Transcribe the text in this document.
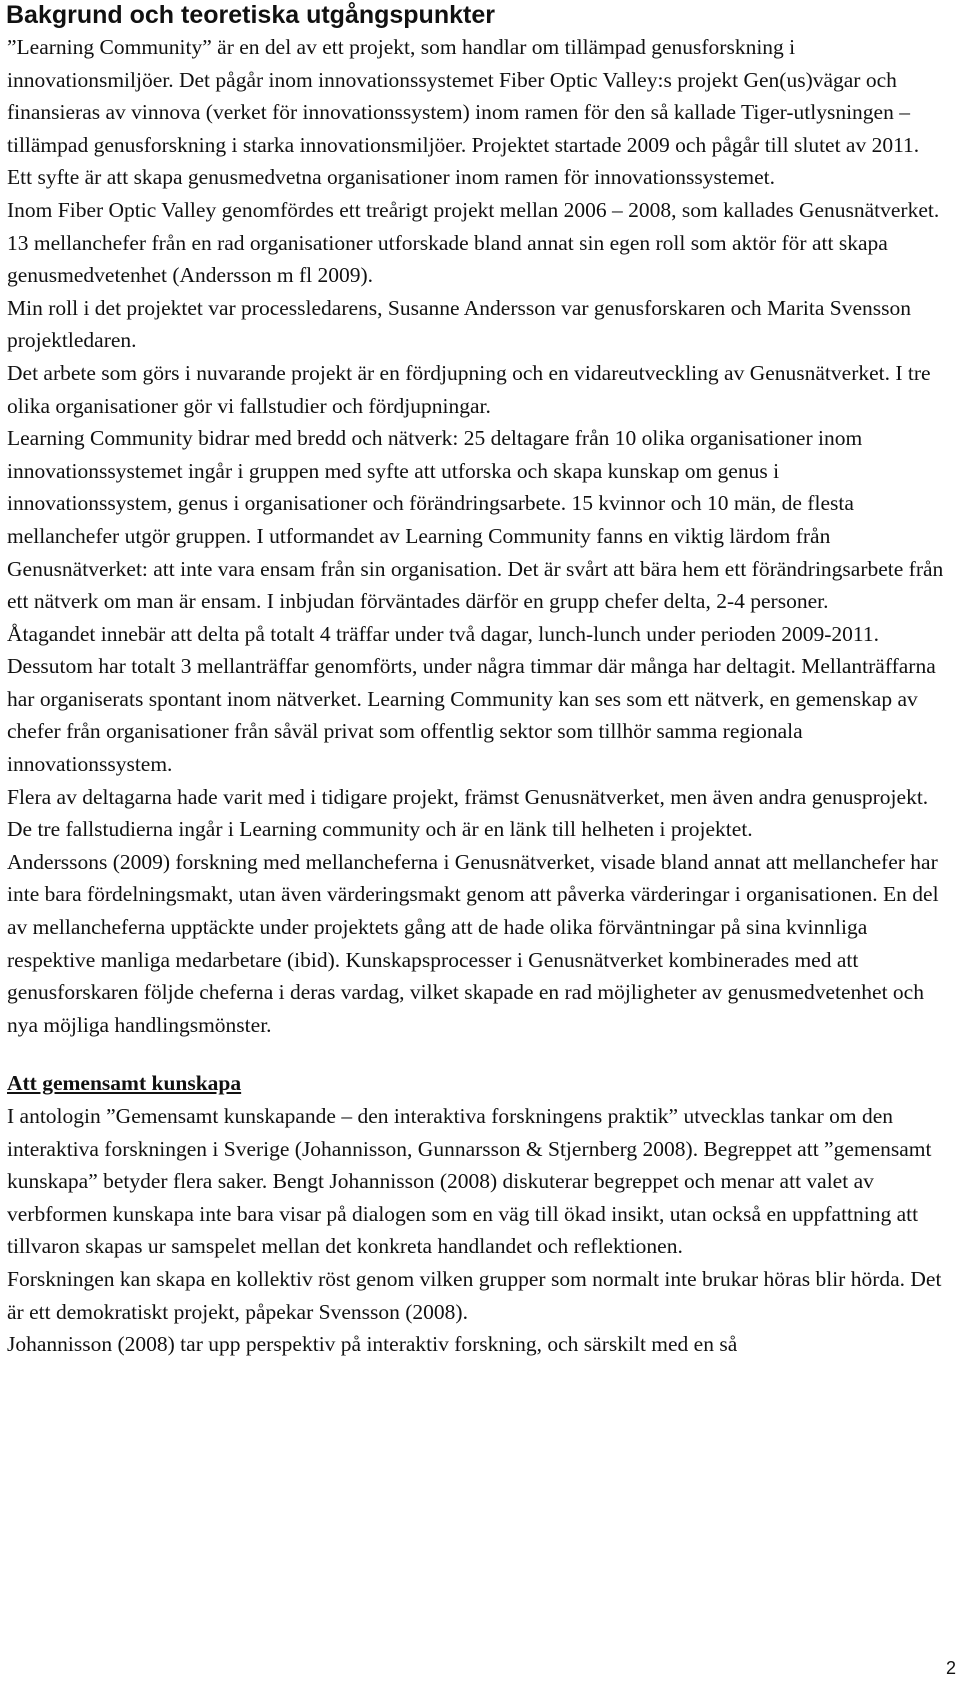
Bakgrund och teoretiska utgångspunkter

”Learning Community” är en del av ett projekt, som handlar om tillämpad genusforskning i innovationsmiljöer. Det pågår inom innovationssystemet Fiber Optic Valley:s projekt Gen(us)vägar och finansieras av vinnova (verket för innovationssystem) inom ramen för den så kallade Tiger-utlysningen – tillämpad genusforskning i starka innovationsmiljöer. Projektet startade 2009 och pågår till slutet av 2011. Ett syfte är att skapa genusmedvetna organisationer inom ramen för innovationssystemet.

Inom Fiber Optic Valley genomfördes ett treårigt projekt mellan 2006 – 2008, som kallades Genusnätverket. 13 mellanchefer från en rad organisationer utforskade bland annat sin egen roll som aktör för att skapa genusmedvetenhet (Andersson m fl 2009).

Min roll i det projektet var processledarens, Susanne Andersson var genusforskaren och Marita Svensson projektledaren.

Det arbete som görs i nuvarande projekt är en fördjupning och en vidareutveckling av Genusnätverket. I tre olika organisationer gör vi fallstudier och fördjupningar.

Learning Community bidrar med bredd och nätverk: 25 deltagare från 10 olika organisationer inom innovationssystemet ingår i gruppen med syfte att utforska och skapa kunskap om genus i innovationssystem, genus i organisationer och förändringsarbete. 15 kvinnor och 10 män, de flesta mellanchefer utgör gruppen. I utformandet av Learning Community fanns en viktig lärdom från Genusnätverket: att inte vara ensam från sin organisation. Det är svårt att bära hem ett förändringsarbete från ett nätverk om man är ensam. I inbjudan förväntades därför en grupp chefer delta, 2-4 personer.

Åtagandet innebär att delta på totalt 4 träffar under två dagar, lunch-lunch under perioden 2009-2011. Dessutom har totalt 3 mellanträffar genomförts, under några timmar där många har deltagit. Mellanträffarna har organiserats spontant inom nätverket. Learning Community kan ses som ett nätverk, en gemenskap av chefer från organisationer från såväl privat som offentlig sektor som tillhör samma regionala innovationssystem.

Flera av deltagarna hade varit med i tidigare projekt, främst Genusnätverket, men även andra genusprojekt. De tre fallstudierna ingår i Learning community och är en länk till helheten i projektet.

Anderssons (2009) forskning med mellancheferna i Genusnätverket, visade bland annat att mellanchefer har inte bara fördelningsmakt, utan även värderingsmakt genom att påverka värderingar i organisationen. En del av mellancheferna upptäckte under projektets gång att de hade olika förväntningar på sina kvinnliga respektive manliga medarbetare (ibid). Kunskapsprocesser i Genusnätverket kombinerades med att genusforskaren följde cheferna i deras vardag, vilket skapade en rad möjligheter av genusmedvetenhet och nya möjliga handlingsmönster.

Att gemensamt kunskapa

I antologin ”Gemensamt kunskapande – den interaktiva forskningens praktik” utvecklas tankar om den interaktiva forskningen i Sverige (Johannisson, Gunnarsson & Stjernberg 2008). Begreppet att ”gemensamt kunskapa” betyder flera saker. Bengt Johannisson (2008) diskuterar begreppet och menar att valet av verbformen kunskapa inte bara visar på dialogen som en väg till ökad insikt, utan också en uppfattning att tillvaron skapas ur samspelet mellan det konkreta handlandet och reflektionen.

Forskningen kan skapa en kollektiv röst genom vilken grupper som normalt inte brukar höras blir hörda. Det är ett demokratiskt projekt, påpekar Svensson (2008).

Johannisson (2008) tar upp perspektiv på interaktiv forskning, och särskilt med en så

2
